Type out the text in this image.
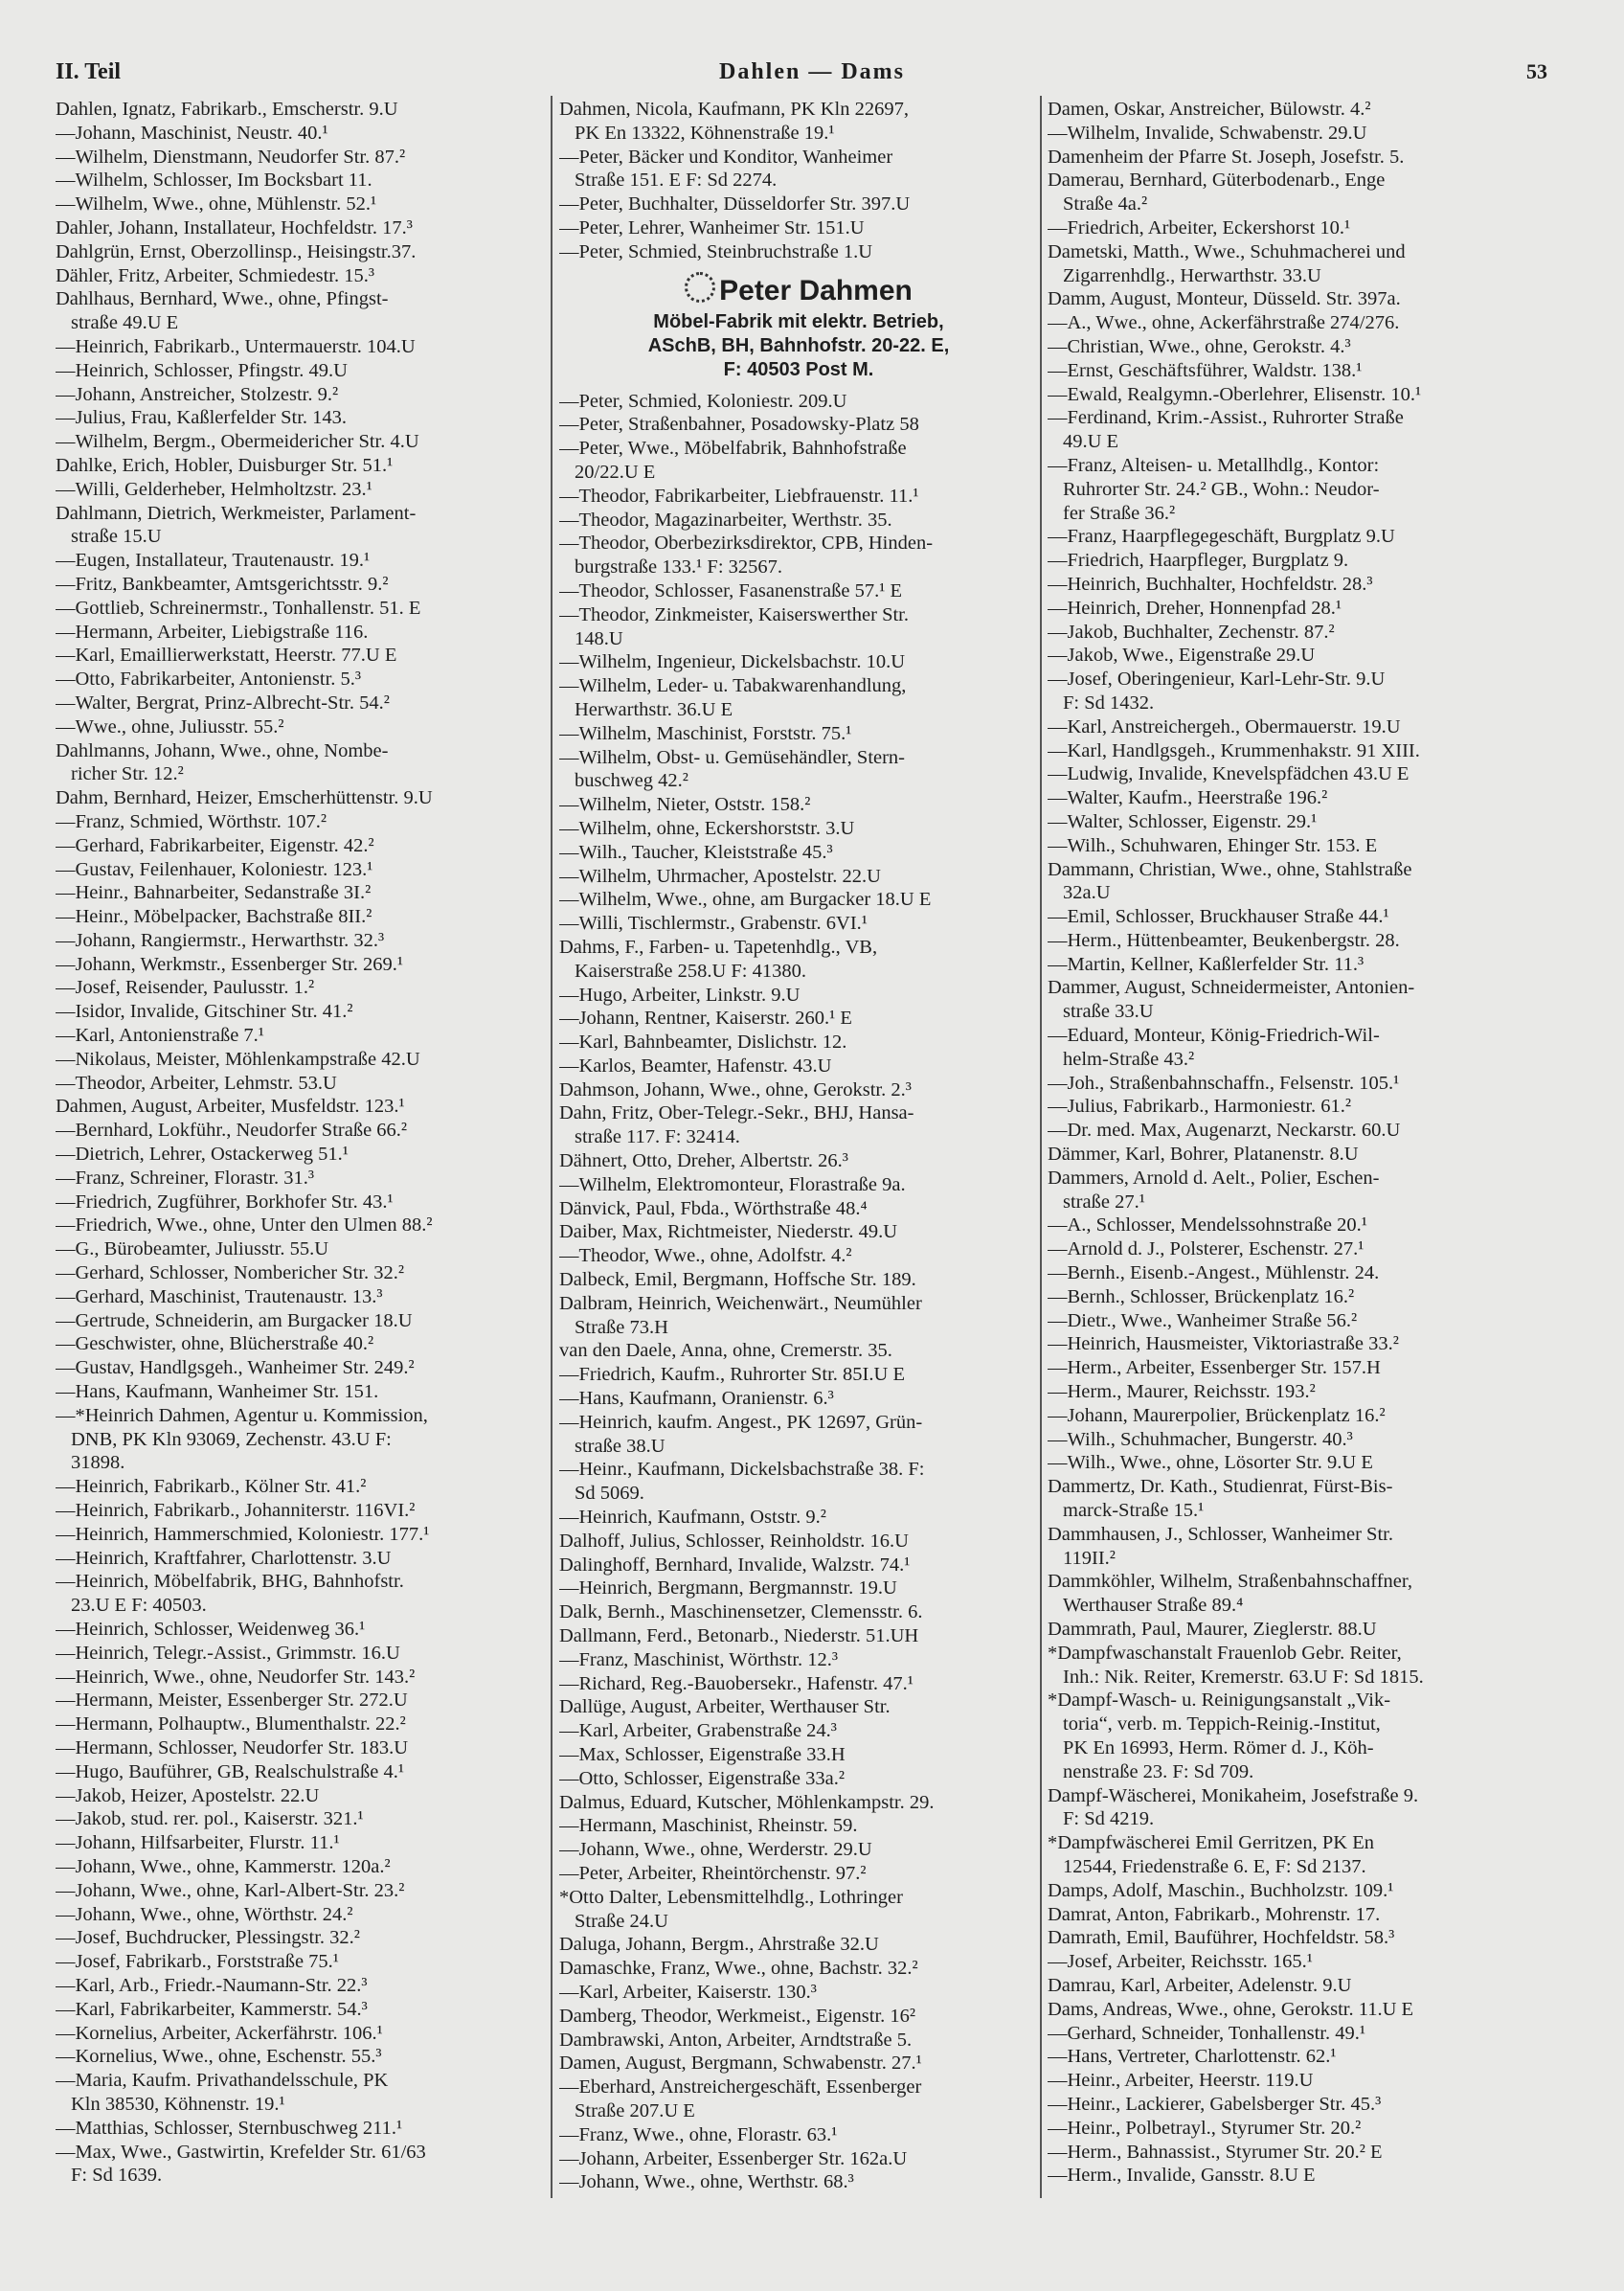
II. Teil	Dahlen — Dams	53
Dahlen, Ignatz, Fabrikarb., Emscherstr. 9.U
—Johann, Maschinist, Neustr. 40.¹
—Wilhelm, Dienstmann, Neudorfer Str. 87.²
—Wilhelm, Schlosser, Im Bocksbart 11.
—Wilhelm, Wwe., ohne, Mühlenstr. 52.¹
Dahler, Johann, Installateur, Hochfeldstr. 17.³
Dahlgrün, Ernst, Oberzollinsp., Heisingstr.37.
Dähler, Fritz, Arbeiter, Schmiedestr. 15.³
Dahlhaus, Bernhard, Wwe., ohne, Pfingst-
straße 49.U E
—Heinrich, Fabrikarb., Untermauerstr. 104.U
—Heinrich, Schlosser, Pfingstr. 49.U
—Johann, Anstreicher, Stolzestr. 9.²
—Julius, Frau, Kaßlerfelder Str. 143.
—Wilhelm, Bergm., Obermeidericher Str. 4.U
Dahlke, Erich, Hobler, Duisburger Str. 51.¹
—Willi, Gelderheber, Helmholtzstr. 23.¹
Dahlmann, Dietrich, Werkmeister, Parlament-
straße 15.U
—Eugen, Installateur, Trautenaustr. 19.¹
—Fritz, Bankbeamter, Amtsgerichtsstr. 9.²
—Gottlieb, Schreinermstr., Tonhallenstr. 51. E
—Hermann, Arbeiter, Liebigstraße 116.
—Karl, Emaillierwerkstatt, Heerstr. 77.U E
—Otto, Fabrikarbeiter, Antonienstr. 5.³
—Walter, Bergrat, Prinz-Albrecht-Str. 54.²
—Wwe., ohne, Juliusstr. 55.²
Dahlmanns, Johann, Wwe., ohne, Nombe-
richer Str. 12.²
Dahm, Bernhard, Heizer, Emscherhüttenstr. 9.U
—Franz, Schmied, Wörthstr. 107.²
—Gerhard, Fabrikarbeiter, Eigenstr. 42.²
—Gustav, Feilenhauer, Koloniestr. 123.¹
—Heinr., Bahnarbeiter, Sedanstraße 3I.²
—Heinr., Möbelpacker, Bachstraße 8II.²
—Johann, Rangiermstr., Herwarthstr. 32.³
—Johann, Werkmstr., Essenberger Str. 269.¹
—Josef, Reisender, Paulusstr. 1.²
—Isidor, Invalide, Gitschiner Str. 41.²
—Karl, Antonienstraße 7.¹
—Nikolaus, Meister, Möhlenkampstraße 42.U
—Theodor, Arbeiter, Lehmstr. 53.U
Dahmen, August, Arbeiter, Musfeldstr. 123.¹
—Bernhard, Lokführ., Neudorfer Straße 66.²
—Dietrich, Lehrer, Ostackerweg 51.¹
—Franz, Schreiner, Florastr. 31.³
—Friedrich, Zugführer, Borkhofer Str. 43.¹
—Friedrich, Wwe., ohne, Unter den Ulmen 88.²
—G., Bürobeamter, Juliusstr. 55.U
—Gerhard, Schlosser, Nombericher Str. 32.²
—Gerhard, Maschinist, Trautenaustr. 13.³
—Gertrude, Schneiderin, am Burgacker 18.U
—Geschwister, ohne, Blücherstraße 40.²
—Gustav, Handlgsgeh., Wanheimer Str. 249.²
—Hans, Kaufmann, Wanheimer Str. 151.
—*Heinrich Dahmen, Agentur u. Kommission,
DNB, PK Kln 93069, Zechenstr. 43.U F:
31898.
—Heinrich, Fabrikarb., Kölner Str. 41.²
—Heinrich, Fabrikarb., Johanniterstr. 116VI.²
—Heinrich, Hammerschmied, Koloniestr. 177.¹
—Heinrich, Kraftfahrer, Charlottenstr. 3.U
—Heinrich, Möbelfabrik, BHG, Bahnhofstr.
23.U E F: 40503.
—Heinrich, Schlosser, Weidenweg 36.¹
—Heinrich, Telegr.-Assist., Grimmstr. 16.U
—Heinrich, Wwe., ohne, Neudorfer Str. 143.²
—Hermann, Meister, Essenberger Str. 272.U
—Hermann, Polhauptw., Blumenthalstr. 22.²
—Hermann, Schlosser, Neudorfer Str. 183.U
—Hugo, Bauführer, GB, Realschulstraße 4.¹
—Jakob, Heizer, Apostelstr. 22.U
—Jakob, stud. rer. pol., Kaiserstr. 321.¹
—Johann, Hilfsarbeiter, Flurstr. 11.¹
—Johann, Wwe., ohne, Kammerstr. 120a.²
—Johann, Wwe., ohne, Karl-Albert-Str. 23.²
—Johann, Wwe., ohne, Wörthstr. 24.²
—Josef, Buchdrucker, Plessingstr. 32.²
—Josef, Fabrikarb., Forststraße 75.¹
—Karl, Arb., Friedr.-Naumann-Str. 22.³
—Karl, Fabrikarbeiter, Kammerstr. 54.³
—Kornelius, Arbeiter, Ackerfährstr. 106.¹
—Kornelius, Wwe., ohne, Eschenstr. 55.³
—Maria, Kaufm. Privathandelsschule, PK
Kln 38530, Köhnenstr. 19.¹
—Matthias, Schlosser, Sternbuschweg 211.¹
—Max, Wwe., Gastwirtin, Krefelder Str. 61/63
F: Sd 1639.
Dahmen, Nicola, Kaufmann, PK Kln 22697,
PK En 13322, Köhnenstraße 19.¹
—Peter, Bäcker und Konditor, Wanheimer
Straße 151. E F: Sd 2274.
—Peter, Buchhalter, Düsseldorfer Str. 397.U
—Peter, Lehrer, Wanheimer Str. 151.U
—Peter, Schmied, Steinbruchstraße 1.U
Peter Dahmen
Möbel-Fabrik mit elektr. Betrieb,
ASchB, BH, Bahnhofstr. 20-22. E,
F: 40503 Post M.
—Peter, Schmied, Koloniestr. 209.U
—Peter, Straßenbahner, Posadowsky-Platz 58
—Peter, Wwe., Möbelfabrik, Bahnhofstraße
20/22.U E
—Theodor, Fabrikarbeiter, Liebfrauenstr. 11.¹
—Theodor, Magazinarbeiter, Werthstr. 35.
—Theodor, Oberbezirksdirektor, CPB, Hinden-
burgstraße 133.¹ F: 32567.
—Theodor, Schlosser, Fasanenstraße 57.¹ E
—Theodor, Zinkmeister, Kaiserswerther Str.
148.U
—Wilhelm, Ingenieur, Dickelsbachstr. 10.U
—Wilhelm, Leder- u. Tabakwarenhandlung,
Herwarthstr. 36.U E
—Wilhelm, Maschinist, Forststr. 75.¹
—Wilhelm, Obst- u. Gemüsehändler, Stern-
buschweg 42.²
—Wilhelm, Nieter, Oststr. 158.²
—Wilhelm, ohne, Eckershorststr. 3.U
—Wilh., Taucher, Kleiststraße 45.³
—Wilhelm, Uhrmacher, Apostelstr. 22.U
—Wilhelm, Wwe., ohne, am Burgacker 18.U E
—Willi, Tischlermstr., Grabenstr. 6VI.¹
Dahms, F., Farben- u. Tapetenhdlg., VB,
Kaiserstraße 258.U F: 41380.
—Hugo, Arbeiter, Linkstr. 9.U
—Johann, Rentner, Kaiserstr. 260.¹ E
—Karl, Bahnbeamter, Dislichstr. 12.
—Karlos, Beamter, Hafenstr. 43.U
Dahmson, Johann, Wwe., ohne, Gerokstr. 2.³
Dahn, Fritz, Ober-Telegr.-Sekr., BHJ, Hansa-
straße 117. F: 32414.
Dähnert, Otto, Dreher, Albertstr. 26.³
—Wilhelm, Elektromonteur, Florastraße 9a.
Dänvick, Paul, Fbda., Wörthstraße 48.⁴
Daiber, Max, Richtmeister, Niederstr. 49.U
—Theodor, Wwe., ohne, Adolfstr. 4.²
Dalbeck, Emil, Bergmann, Hoffsche Str. 189.
Dalbram, Heinrich, Weichenwärt., Neumühler
Straße 73.H
van den Daele, Anna, ohne, Cremerstr. 35.
—Friedrich, Kaufm., Ruhrorter Str. 85I.U E
—Hans, Kaufmann, Oranienstr. 6.³
—Heinrich, kaufm. Angest., PK 12697, Grün-
straße 38.U
—Heinr., Kaufmann, Dickelsbachstraße 38. F:
Sd 5069.
—Heinrich, Kaufmann, Oststr. 9.²
Dalhoff, Julius, Schlosser, Reinholdstr. 16.U
Dalinghoff, Bernhard, Invalide, Walzstr. 74.¹
—Heinrich, Bergmann, Bergmannstr. 19.U
Dalk, Bernh., Maschinensetzer, Clemensstr. 6.
Dallmann, Ferd., Betonarb., Niederstr. 51.UH
—Franz, Maschinist, Wörthstr. 12.³
—Richard, Reg.-Bauobersekr., Hafenstr. 47.¹
Dallüge, August, Arbeiter, Werthauser Str.
—Karl, Arbeiter, Grabenstraße 24.³
—Max, Schlosser, Eigenstraße 33.H
—Otto, Schlosser, Eigenstraße 33a.²
Dalmus, Eduard, Kutscher, Möhlenkampstr. 29.
—Hermann, Maschinist, Rheinstr. 59.
—Johann, Wwe., ohne, Werderstr. 29.U
—Peter, Arbeiter, Rheintörchenstr. 97.²
*Otto Dalter, Lebensmittelhdlg., Lothringer
Straße 24.U
Daluga, Johann, Bergm., Ahrstraße 32.U
Damaschke, Franz, Wwe., ohne, Bachstr. 32.²
—Karl, Arbeiter, Kaiserstr. 130.³
Damberg, Theodor, Werkmeist., Eigenstr. 16²
Dambrawski, Anton, Arbeiter, Arndtstraße 5.
Damen, August, Bergmann, Schwabenstr. 27.¹
—Eberhard, Anstreichergeschäft, Essenberger
Straße 207.U E
—Franz, Wwe., ohne, Florastr. 63.¹
—Johann, Arbeiter, Essenberger Str. 162a.U
—Johann, Wwe., ohne, Werthstr. 68.³
Damen, Oskar, Anstreicher, Bülowstr. 4.²
—Wilhelm, Invalide, Schwabenstr. 29.U
Damenheim der Pfarre St. Joseph, Josefstr. 5.
Damerau, Bernhard, Güterbodenarb., Enge
Straße 4a.²
—Friedrich, Arbeiter, Eckershorst 10.¹
Dametski, Matth., Wwe., Schuhmacherei und
Zigarrenhdlg., Herwarthstr. 33.U
Damm, August, Monteur, Düsseld. Str. 397a.
—A., Wwe., ohne, Ackerfährstraße 274/276.
—Christian, Wwe., ohne, Gerokstr. 4.³
—Ernst, Geschäftsführer, Waldstr. 138.¹
—Ewald, Realgymn.-Oberlehrer, Elisenstr. 10.¹
—Ferdinand, Krim.-Assist., Ruhrorter Straße
49.U E
—Franz, Alteisen- u. Metallhdlg., Kontor:
Ruhrorter Str. 24.² GB., Wohn.: Neudor-
fer Straße 36.²
—Franz, Haarpflegegeschäft, Burgplatz 9.U
—Friedrich, Haarpfleger, Burgplatz 9.
—Heinrich, Buchhalter, Hochfeldstr. 28.³
—Heinrich, Dreher, Honnenpfad 28.¹
—Jakob, Buchhalter, Zechenstr. 87.²
—Jakob, Wwe., Eigenstraße 29.U
—Josef, Oberingenieur, Karl-Lehr-Str. 9.U
F: Sd 1432.
—Karl, Anstreichergeh., Obermauerstr. 19.U
—Karl, Handlgsgeh., Krummenhakstr. 91 XIII.
—Ludwig, Invalide, Knevelspfädchen 43.U E
—Walter, Kaufm., Heerstraße 196.²
—Walter, Schlosser, Eigenstr. 29.¹
—Wilh., Schuhwaren, Ehinger Str. 153. E
Dammann, Christian, Wwe., ohne, Stahlstraße
32a.U
—Emil, Schlosser, Bruckhauser Straße 44.¹
—Herm., Hüttenbeamter, Beukenbergstr. 28.
—Martin, Kellner, Kaßlerfelder Str. 11.³
Dammer, August, Schneidermeister, Antonien-
straße 33.U
—Eduard, Monteur, König-Friedrich-Wil-
helm-Straße 43.²
—Joh., Straßenbahnschaffn., Felsenstr. 105.¹
—Julius, Fabrikarb., Harmoniestr. 61.²
—Dr. med. Max, Augenarzt, Neckarstr. 60.U
Dämmer, Karl, Bohrer, Platanenstr. 8.U
Dammers, Arnold d. Aelt., Polier, Eschen-
straße 27.¹
—A., Schlosser, Mendelssohnstraße 20.¹
—Arnold d. J., Polsterer, Eschenstr. 27.¹
—Bernh., Eisenb.-Angest., Mühlenstr. 24.
—Bernh., Schlosser, Brückenplatz 16.²
—Dietr., Wwe., Wanheimer Straße 56.²
—Heinrich, Hausmeister, Viktoriastraße 33.²
—Herm., Arbeiter, Essenberger Str. 157.H
—Herm., Maurer, Reichsstr. 193.²
—Johann, Maurerpolier, Brückenplatz 16.²
—Wilh., Schuhmacher, Bungerstr. 40.³
—Wilh., Wwe., ohne, Lösorter Str. 9.U E
Dammertz, Dr. Kath., Studienrat, Fürst-Bis-
marck-Straße 15.¹
Dammhausen, J., Schlosser, Wanheimer Str.
119II.²
Dammköhler, Wilhelm, Straßenbahnschaffner,
Werthauser Straße 89.⁴
Dammrath, Paul, Maurer, Zieglerstr. 88.U
*Dampfwaschanstalt Frauenlob Gebr. Reiter,
Inh.: Nik. Reiter, Kremerstr. 63.U F: Sd 1815.
*Dampf-Wasch- u. Reinigungsanstalt „Vik-
toria“, verb. m. Teppich-Reinig.-Institut,
PK En 16993, Herm. Römer d. J., Köh-
nenstraße 23. F: Sd 709.
Dampf-Wäscherei, Monikaheim, Josefstraße 9.
F: Sd 4219.
*Dampfwäscherei Emil Gerritzen, PK En
12544, Friedenstraße 6. E, F: Sd 2137.
Damps, Adolf, Maschin., Buchholzstr. 109.¹
Damrat, Anton, Fabrikarb., Mohrenstr. 17.
Damrath, Emil, Bauführer, Hochfeldstr. 58.³
—Josef, Arbeiter, Reichsstr. 165.¹
Damrau, Karl, Arbeiter, Adelenstr. 9.U
Dams, Andreas, Wwe., ohne, Gerokstr. 11.U E
—Gerhard, Schneider, Tonhallenstr. 49.¹
—Hans, Vertreter, Charlottenstr. 62.¹
—Heinr., Arbeiter, Heerstr. 119.U
—Heinr., Lackierer, Gabelsberger Str. 45.³
—Heinr., Polbetrayl., Styrumer Str. 20.²
—Herm., Bahnassist., Styrumer Str. 20.² E
—Herm., Invalide, Gansstr. 8.U E
